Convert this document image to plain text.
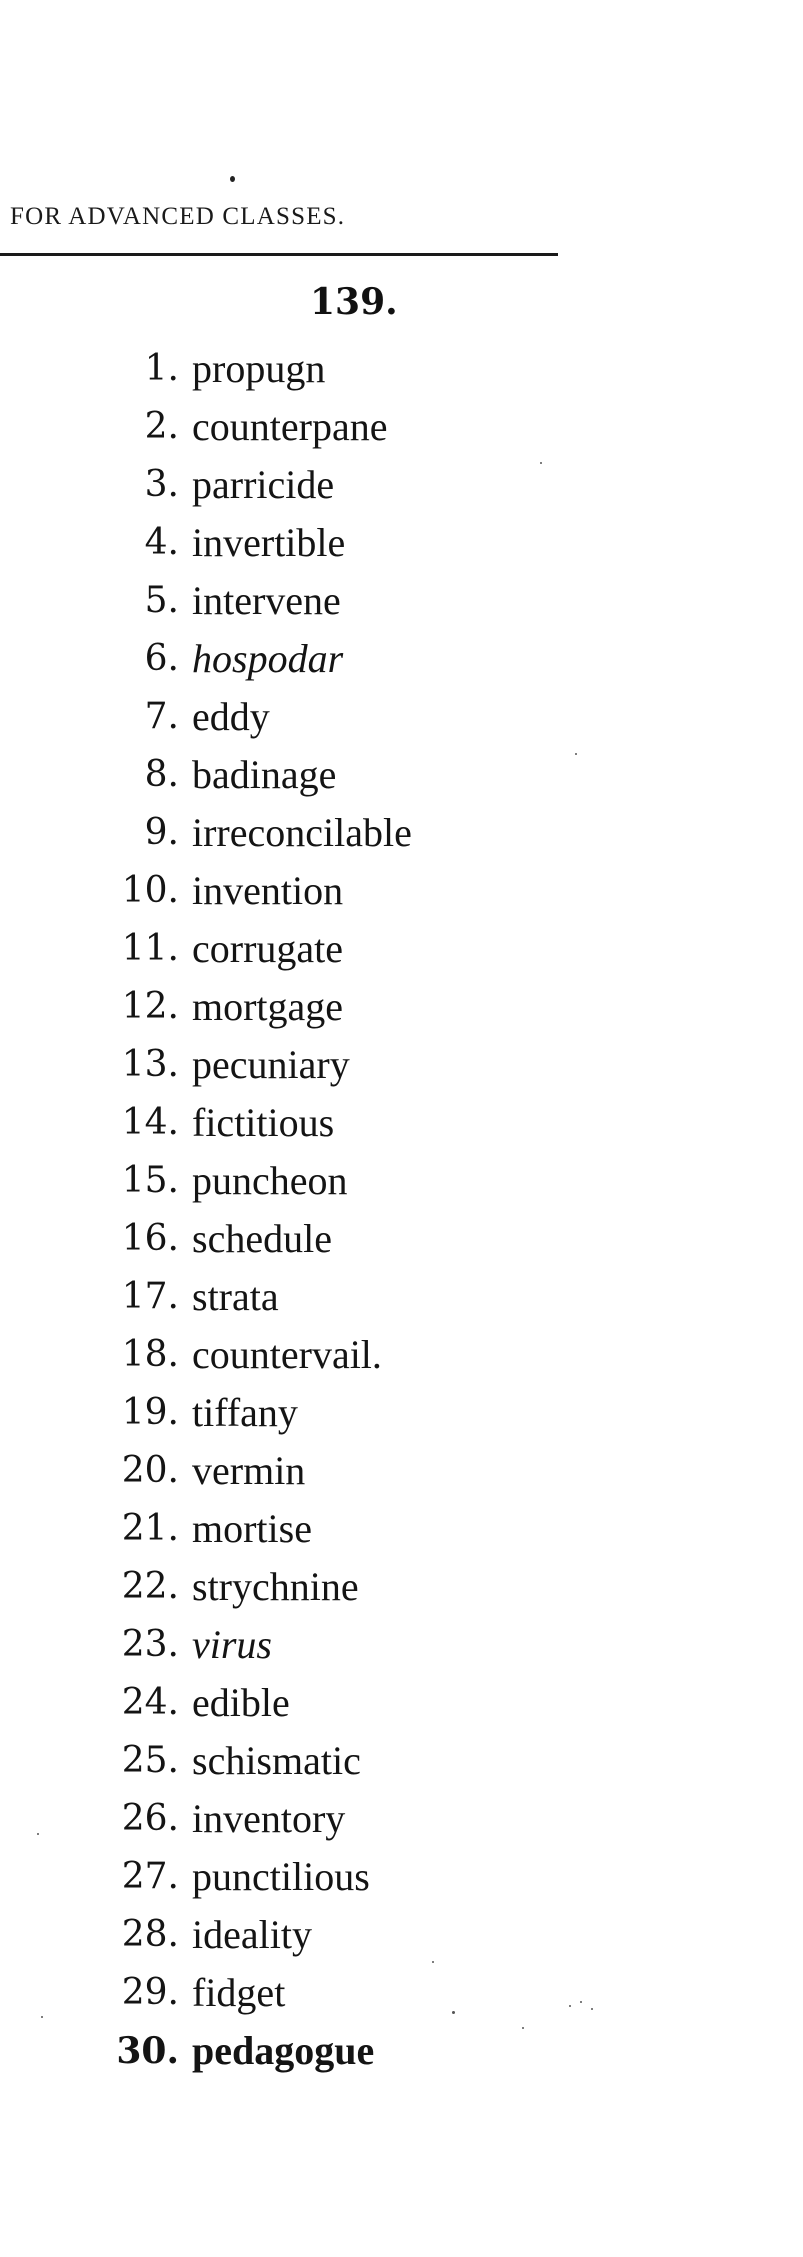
FOR ADVANCED CLASSES.
139.
1. propugn
2. counterpane
3. parricide
4. invertible
5. intervene
6. hospodar
7. eddy
8. badinage
9. irreconcilable
10. invention
11. corrugate
12. mortgage
13. pecuniary
14. fictitious
15. puncheon
16. schedule
17. strata
18. countervail.
19. tiffany
20. vermin
21. mortise
22. strychnine
23. virus
24. edible
25. schismatic
26. inventory
27. punctilious
28. ideality
29. fidget
30. pedagogue
